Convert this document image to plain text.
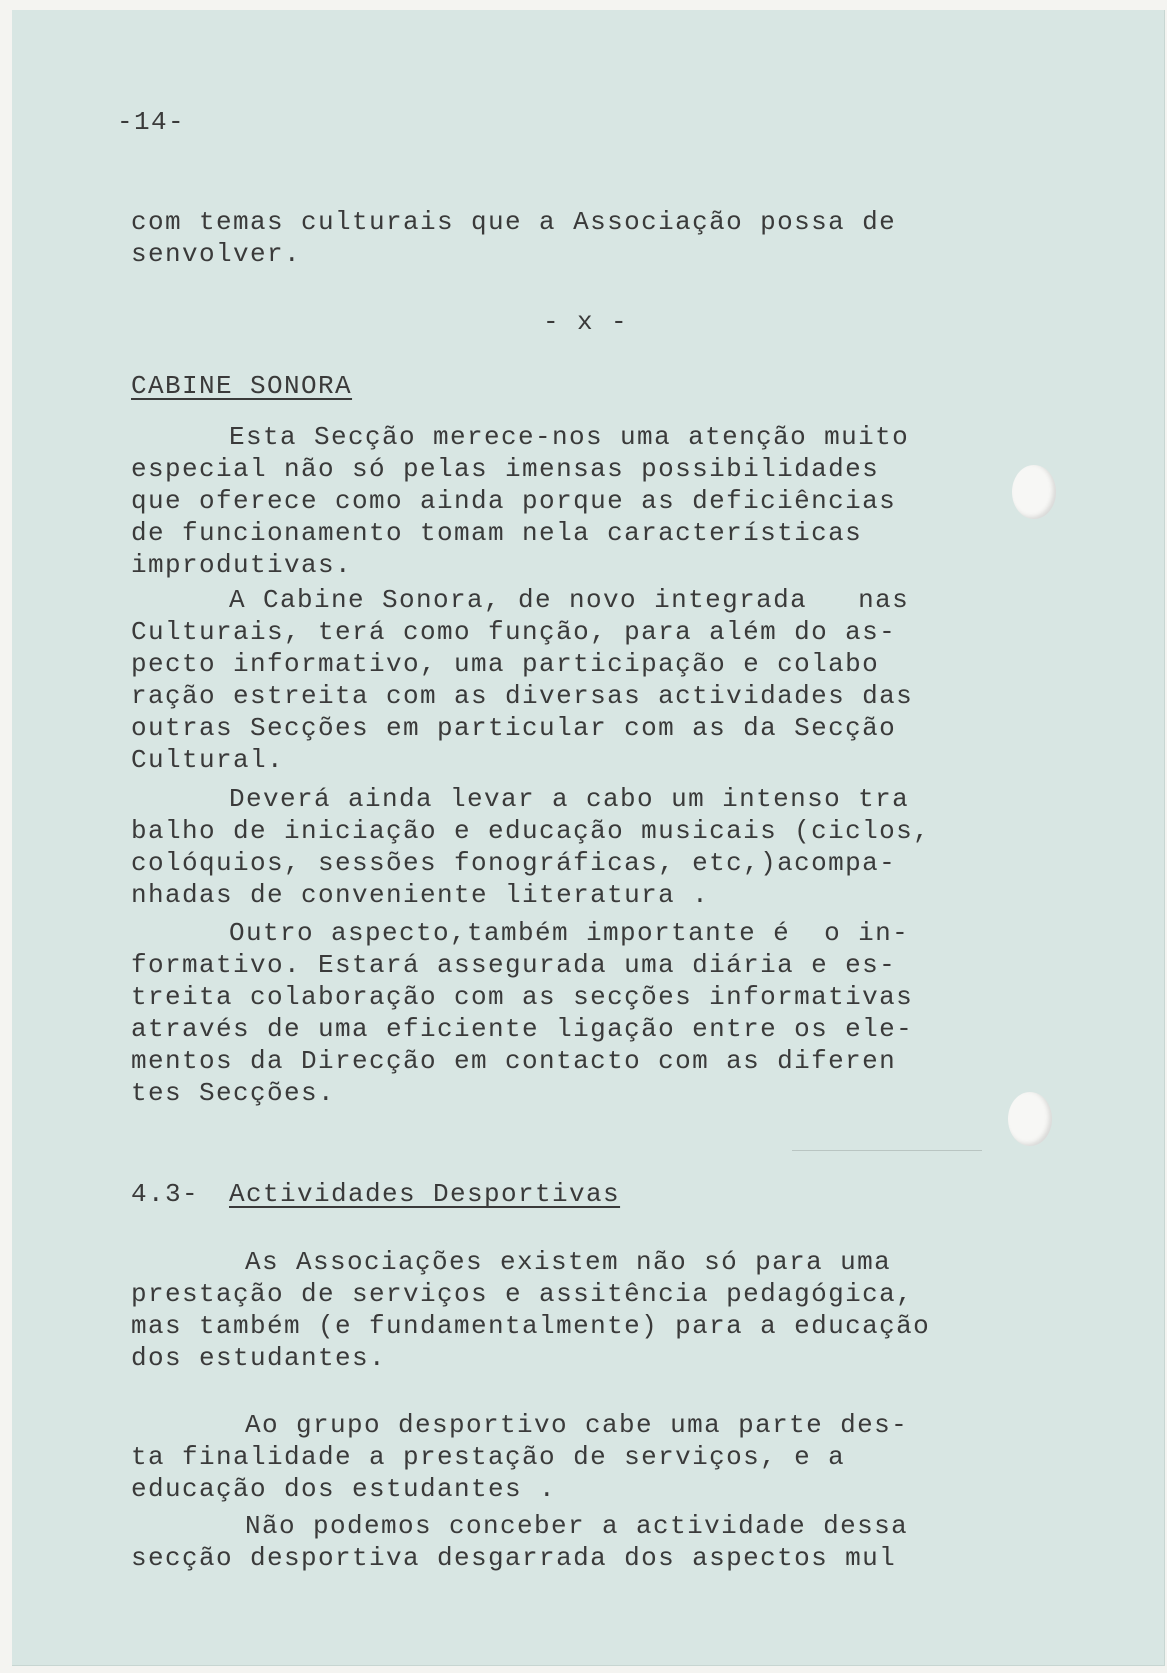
-14-

com temas culturais que a Associação possa de

senvolver.

- x -

CABINE SONORA

Esta Secção merece-nos uma atenção muito

especial não só pelas imensas possibilidades

que oferece como ainda porque as deficiências

de funcionamento tomam nela características

improdutivas.

A Cabine Sonora, de novo integrada   nas

Culturais, terá como função, para além do as-

pecto informativo, uma participação e colabo

ração estreita com as diversas actividades das

outras Secções em particular com as da Secção

Cultural.

Deverá ainda levar a cabo um intenso tra

balho de iniciação e educação musicais (ciclos,

colóquios, sessões fonográficas, etc,)acompa-

nhadas de conveniente literatura .

Outro aspecto,também importante é  o in-

formativo. Estará assegurada uma diária e es-

treita colaboração com as secções informativas

através de uma eficiente ligação entre os ele-

mentos da Direcção em contacto com as diferen

tes Secções.

4.3- Actividades Desportivas

As Associações existem não só para uma

prestação de serviços e assitência pedagógica,

mas também (e fundamentalmente) para a educação

dos estudantes.

Ao grupo desportivo cabe uma parte des-

ta finalidade a prestação de serviços, e a

educação dos estudantes .

Não podemos conceber a actividade dessa

secção desportiva desgarrada dos aspectos mul
